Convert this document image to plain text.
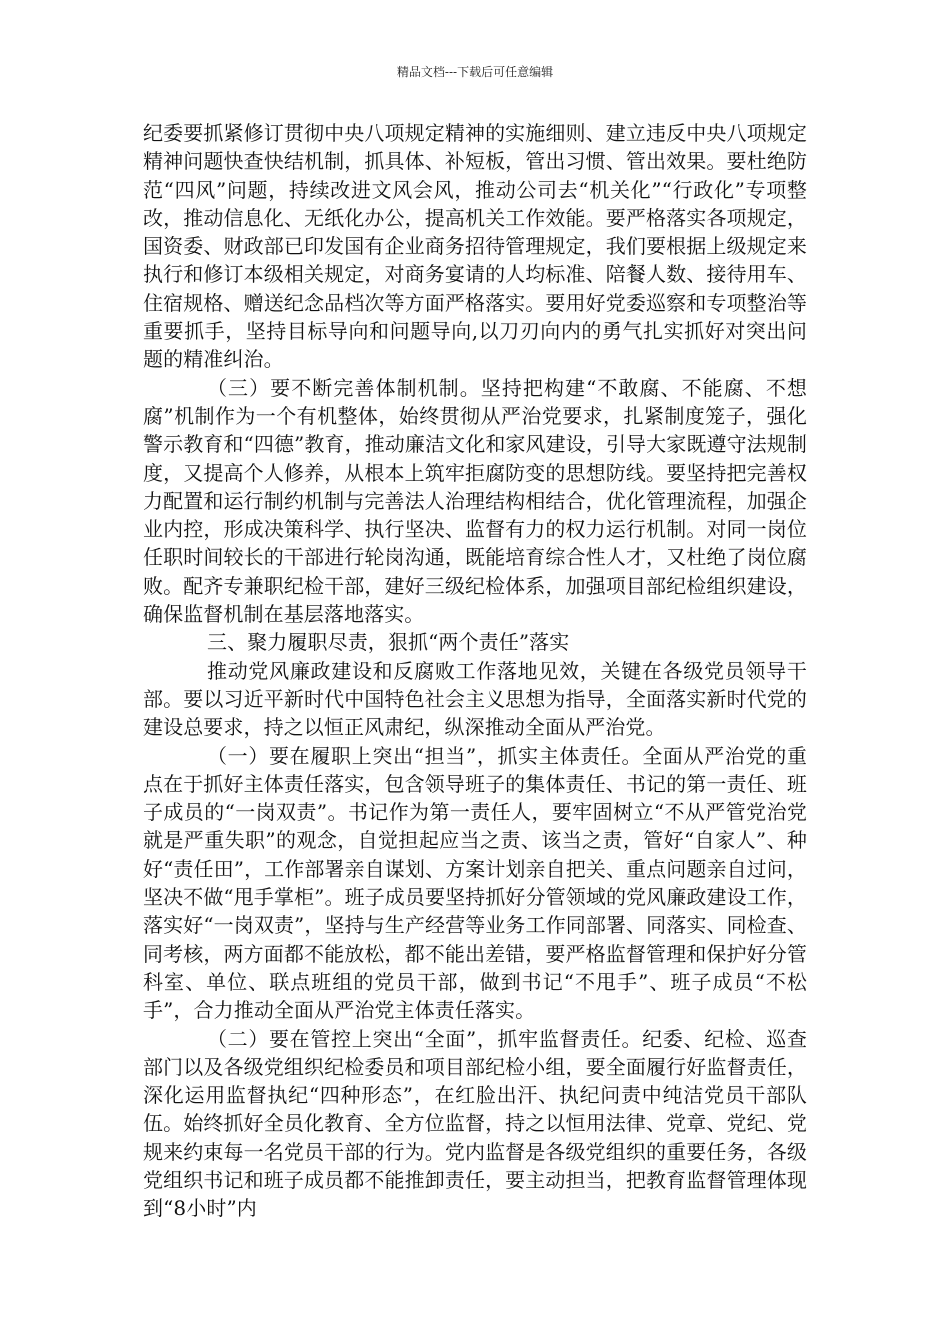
精品文档---下载后可任意编辑

纪委要抓紧修订贯彻中央八项规定精神的实施细则、建立违反中央八项规定精神问题快查快结机制，抓具体、补短板，管出习惯、管出效果。要杜绝防范“四风”问题，持续改进文风会风，推动公司去“机关化”“行政化”专项整改，推动信息化、无纸化办公，提高机关工作效能。要严格落实各项规定，国资委、财政部已印发国有企业商务招待管理规定，我们要根据上级规定来执行和修订本级相关规定，对商务宴请的人均标准、陪餐人数、接待用车、住宿规格、赠送纪念品档次等方面严格落实。要用好党委巡察和专项整治等重要抓手，坚持目标导向和问题导向,以刀刃向内的勇气扎实抓好对突出问题的精准纠治。

（三）要不断完善体制机制。坚持把构建“不敢腐、不能腐、不想腐”机制作为一个有机整体，始终贯彻从严治党要求，扎紧制度笼子，强化警示教育和“四德”教育，推动廉洁文化和家风建设，引导大家既遵守法规制度，又提高个人修养，从根本上筑牢拒腐防变的思想防线。要坚持把完善权力配置和运行制约机制与完善法人治理结构相结合，优化管理流程，加强企业内控，形成决策科学、执行坚决、监督有力的权力运行机制。对同一岗位任职时间较长的干部进行轮岗沟通，既能培育综合性人才，又杜绝了岗位腐败。配齐专兼职纪检干部，建好三级纪检体系，加强项目部纪检组织建设，确保监督机制在基层落地落实。

三、聚力履职尽责，狠抓“两个责任”落实

推动党风廉政建设和反腐败工作落地见效，关键在各级党员领导干部。要以习近平新时代中国特色社会主义思想为指导，全面落实新时代党的建设总要求，持之以恒正风肃纪，纵深推动全面从严治党。

（一）要在履职上突出“担当”，抓实主体责任。全面从严治党的重点在于抓好主体责任落实，包含领导班子的集体责任、书记的第一责任、班子成员的“一岗双责”。书记作为第一责任人，要牢固树立“不从严管党治党就是严重失职”的观念，自觉担起应当之责、该当之责，管好“自家人”、种好“责任田”，工作部署亲自谋划、方案计划亲自把关、重点问题亲自过问，坚决不做“甩手掌柜”。班子成员要坚持抓好分管领域的党风廉政建设工作，落实好“一岗双责”，坚持与生产经营等业务工作同部署、同落实、同检查、同考核，两方面都不能放松，都不能出差错，要严格监督管理和保护好分管科室、单位、联点班组的党员干部，做到书记“不甩手”、班子成员“不松手”，合力推动全面从严治党主体责任落实。

（二）要在管控上突出“全面”，抓牢监督责任。纪委、纪检、巡查部门以及各级党组织纪检委员和项目部纪检小组，要全面履行好监督责任，深化运用监督执纪“四种形态”，在红脸出汗、执纪问责中纯洁党员干部队伍。始终抓好全员化教育、全方位监督，持之以恒用法律、党章、党纪、党规来约束每一名党员干部的行为。党内监督是各级党组织的重要任务，各级党组织书记和班子成员都不能推卸责任，要主动担当，把教育监督管理体现到“8小时”内
